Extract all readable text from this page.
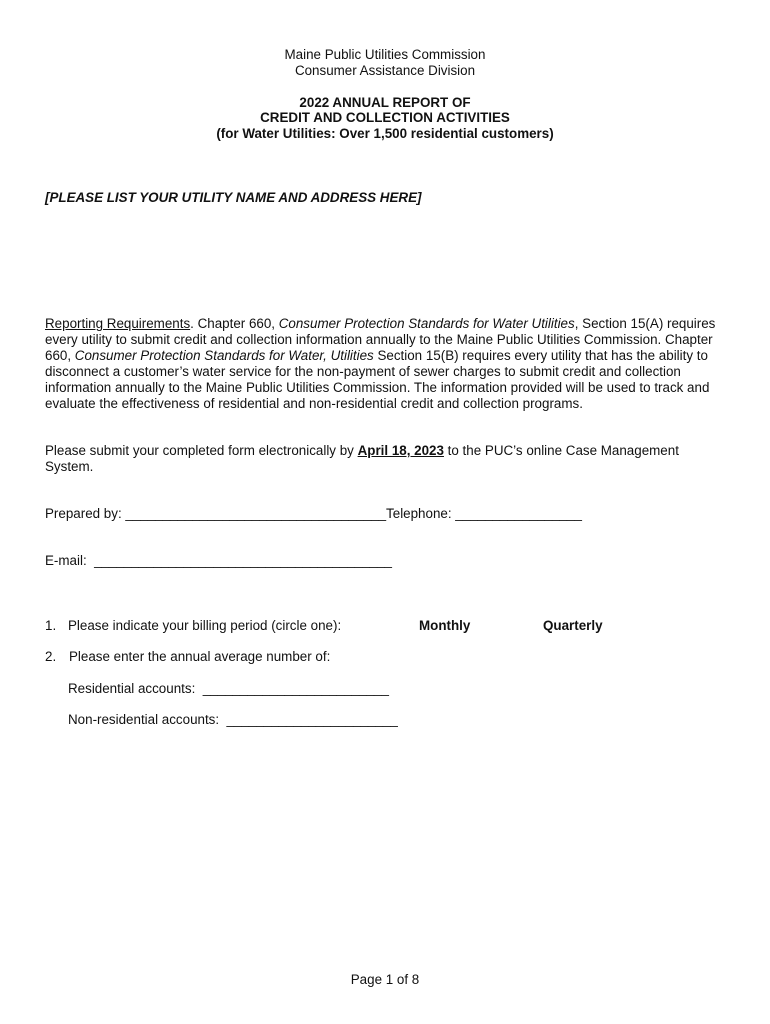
Maine Public Utilities Commission
Consumer Assistance Division
2022 ANNUAL REPORT OF
CREDIT AND COLLECTION ACTIVITIES
(for Water Utilities: Over 1,500 residential customers)
[PLEASE LIST YOUR UTILITY NAME AND ADDRESS HERE]
Reporting Requirements. Chapter 660, Consumer Protection Standards for Water Utilities, Section 15(A) requires every utility to submit credit and collection information annually to the Maine Public Utilities Commission. Chapter 660, Consumer Protection Standards for Water, Utilities Section 15(B) requires every utility that has the ability to disconnect a customer’s water service for the non-payment of sewer charges to submit credit and collection information annually to the Maine Public Utilities Commission. The information provided will be used to track and evaluate the effectiveness of residential and non-residential credit and collection programs.
Please submit your completed form electronically by April 18, 2023 to the PUC’s online Case Management System.
Prepared by: ___________________________________Telephone: _________________
E-mail:  ________________________________________
1. Please indicate your billing period (circle one):	Monthly	Quarterly
2. Please enter the annual average number of:
Residential accounts:  _________________________
Non-residential accounts:  _______________________
Page 1 of 8
